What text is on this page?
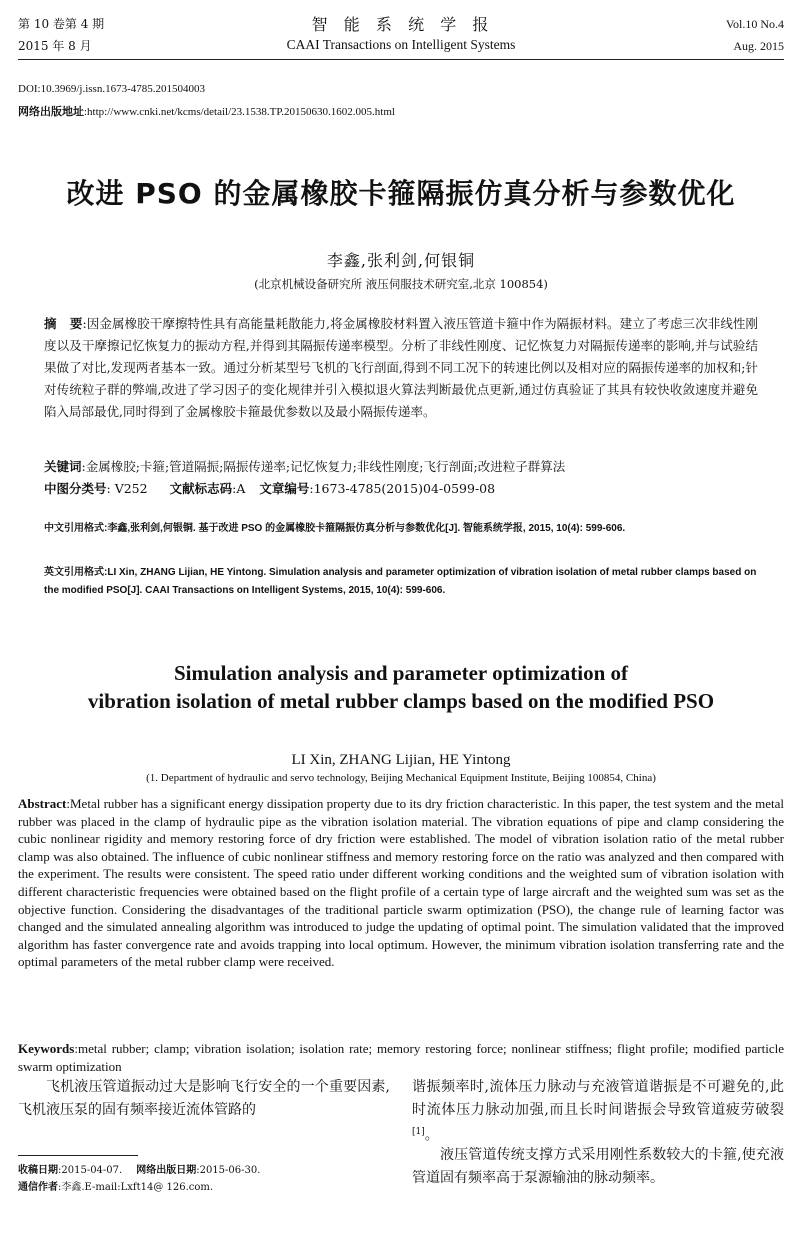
第 10 卷第 4 期
2015 年 8 月
智  能  系  统  学  报
CAAI Transactions on Intelligent Systems
Vol.10 No.4
Aug. 2015
DOI:10.3969/j.issn.1673-4785.201504003
网络出版地址:http://www.cnki.net/kcms/detail/23.1538.TP.20150630.1602.005.html
改进 PSO 的金属橡胶卡箍隔振仿真分析与参数优化
李鑫,张利剑,何银铜
(北京机械设备研究所 液压伺服技术研究室,北京 100854)
摘   要:因金属橡胶干摩擦特性具有高能量耗散能力,将金属橡胶材料置入液压管道卡箍中作为隔振材料。建立了考虑三次非线性刚度以及干摩擦记忆恢复力的振动方程,并得到其隔振传递率模型。分析了非线性刚度、记忆恢复力对隔振传递率的影响,并与试验结果做了对比,发现两者基本一致。通过分析某型号飞机的飞行剖面,得到不同工况下的转速比例以及相对应的隔振传递率的加权和;针对传统粒子群的弊端,改进了学习因子的变化规律并引入模拟退火算法判断最优点更新,通过仿真验证了其具有较快收敛速度并避免陷入局部最优,同时得到了金属橡胶卡箍最优参数以及最小隔振传递率。
关键词:金属橡胶;卡箍;管道隔振;隔振传递率;记忆恢复力;非线性刚度;飞行剖面;改进粒子群算法
中图分类号: V252 文献标志码:A 文章编号:1673-4785(2015)04-0599-08
中文引用格式:李鑫,张利剑,何银铜. 基于改进 PSO 的金属橡胶卡箍隔振仿真分析与参数优化[J]. 智能系统学报, 2015, 10(4): 599-606.
英文引用格式:LI Xin, ZHANG Lijian, HE Yintong. Simulation analysis and parameter optimization of vibration isolation of metal rubber clamps based on the modified PSO[J]. CAAI Transactions on Intelligent Systems, 2015, 10(4): 599-606.
Simulation analysis and parameter optimization of
vibration isolation of metal rubber clamps based on the modified PSO
LI Xin, ZHANG Lijian, HE Yintong
(1. Department of hydraulic and servo technology, Beijing Mechanical Equipment Institute, Beijing 100854, China)
Abstract:Metal rubber has a significant energy dissipation property due to its dry friction characteristic. In this paper, the test system and the metal rubber was placed in the clamp of hydraulic pipe as the vibration isolation material. The vibration equations of pipe and clamp considering the cubic nonlinear rigidity and memory restoring force of dry friction were established. The model of vibration isolation ratio of the metal rubber clamp was also obtained. The influence of cubic nonlinear stiffness and memory restoring force on the ratio was analyzed and then compared with the experiment. The results were consistent. The speed ratio under different working conditions and the weighted sum of vibration isolation with different characteristic frequencies were obtained based on the flight profile of a certain type of large aircraft and the weighted sum was set as the objective function. Considering the disadvantages of the traditional particle swarm optimization (PSO), the change rule of learning factor was changed and the simulated annealing algorithm was introduced to judge the updating of optimal point. The simulation validated that the improved algorithm has faster convergence rate and avoids trapping into local optimum. However, the minimum vibration isolation transferring rate and the optimal parameters of the metal rubber clamp were received.
Keywords:metal rubber; clamp; vibration isolation; isolation rate; memory restoring force; nonlinear stiffness; flight profile; modified particle swarm optimization
飞机液压管道振动过大是影响飞行安全的一个重要因素,飞机液压泵的固有频率接近流体管路的
谐振频率时,流体压力脉动与充液管道谐振是不可避免的,此时流体压力脉动加强,而且长时间谐振会导致管道疲劳破裂[1]。
液压管道传统支撑方式采用刚性系数较大的卡箍,使充液管道固有频率高于泵源输油的脉动频率。
收稿日期:2015-04-07. 网络出版日期:2015-06-30.
通信作者:李鑫.E-mail:Lxft14@ 126.com.
